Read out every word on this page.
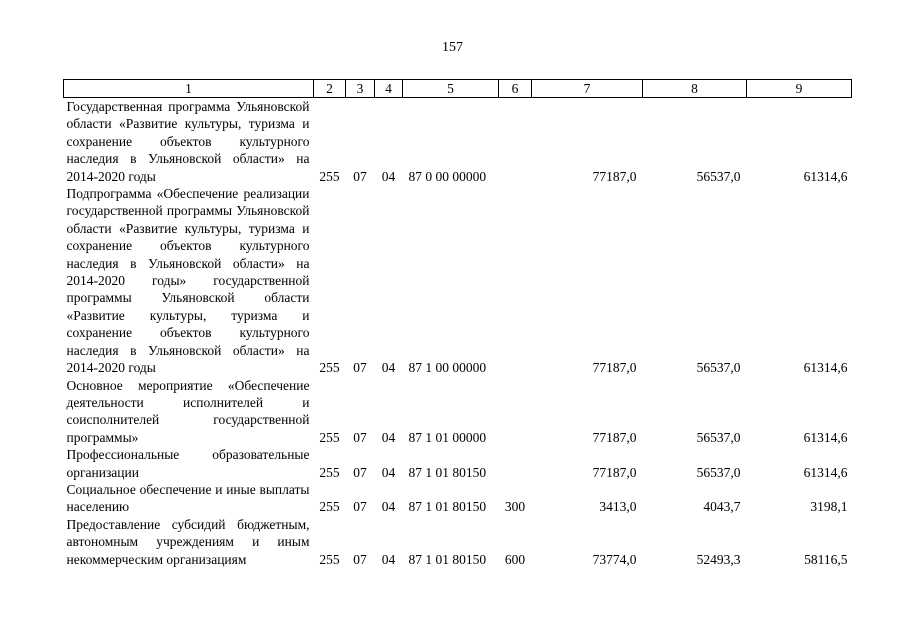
157
1	2	3	4	5	6	7	8	9
Государственная программа Ульяновской области «Развитие культуры, туризма и сохранение объектов культурного наследия в Ульяновской области» на 2014-2020 годы	255	07	04	87 0 00 00000		77187,0	56537,0	61314,6
Подпрограмма «Обеспечение реализации государственной программы Ульяновской области «Развитие культуры, туризма и сохранение объектов культурного наследия в Ульяновской области» на 2014-2020 годы» государственной программы Ульяновской области «Развитие культуры, туризма и сохранение объектов культурного наследия в Ульяновской области» на 2014-2020 годы	255	07	04	87 1 00 00000		77187,0	56537,0	61314,6
Основное мероприятие «Обеспечение деятельности исполнителей и соисполнителей государственной программы»	255	07	04	87 1 01 00000		77187,0	56537,0	61314,6
Профессиональные образовательные организации	255	07	04	87 1 01 80150		77187,0	56537,0	61314,6
Социальное обеспечение и иные выплаты населению	255	07	04	87 1 01 80150	300	3413,0	4043,7	3198,1
Предоставление субсидий бюджетным, автономным учреждениям и иным некоммерческим организациям	255	07	04	87 1 01 80150	600	73774,0	52493,3	58116,5
